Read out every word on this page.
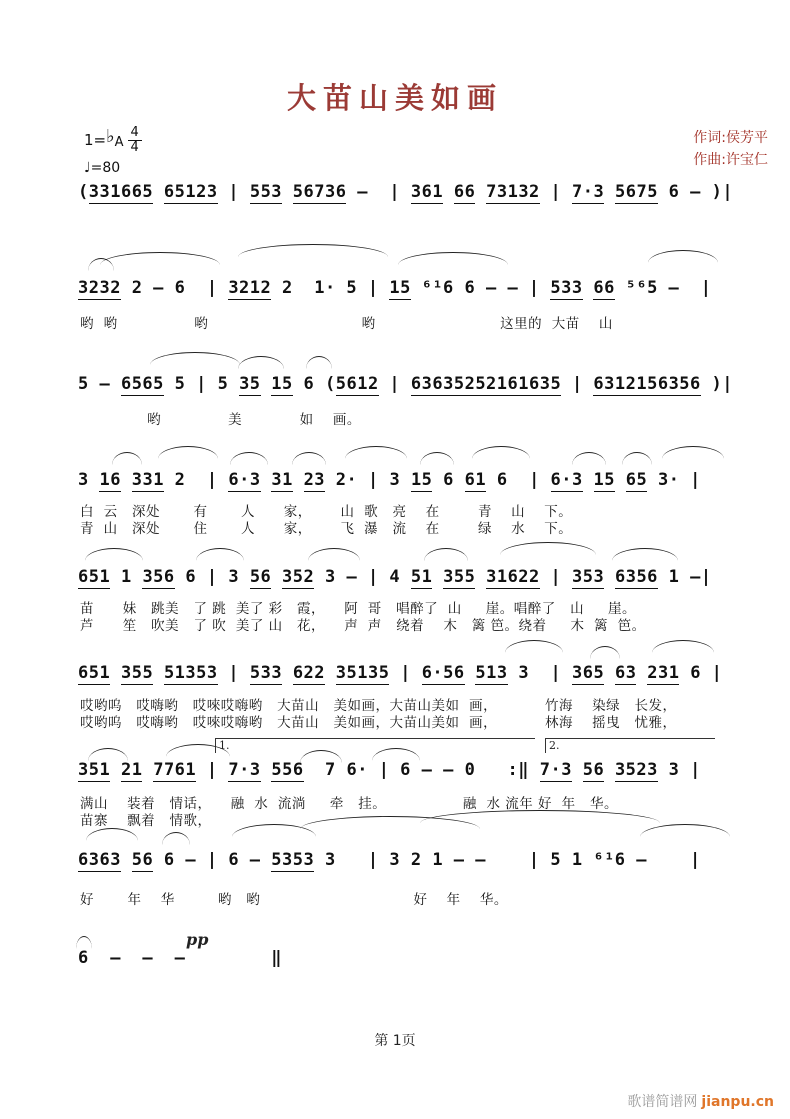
大苗山美如画
1= ♭ A $\frac{4}{4}$
♩=80
作词:侯芳平
作曲:许宝仁
(331665 65123 | 553 56736 –  | 361 66 73132 | 7·3 5675 6 – )|
3232 2 – 6  | 3212 2  1· 5 | 15 ⁶¹6 6 – – | 533 66 ⁵⁶5 –  |
哟  哟                哟                                哟                          这里的  大苗    山
5 – 6565 5 | 5 35 15 6 (5612 | 63635252161635 | 6312156356 )|
哟              美            如    画。
3 16 331 2  | 6·3 31 23 2· | 3 15 6 61 6  | 6·3 15 65 3· |
白  云   深处       有       人      家，      山  歌   亮    在        青    山    下。
青  山   深处       住       人      家，      飞  瀑   流    在        绿    水    下。
651 1 356 6 | 3 56 352 3 – | 4 51 355 31622 | 353 6356 1 –|
苗      妹   跳美   了 跳  美了 彩   霞，    阿  哥   唱醉了  山     崖。唱醉了   山     崖。
芦      笙   吹美   了 吹  美了 山   花，    声  声   绕着    木   篱 笆。绕着     木  篱  笆。
651 355 51353 | 533 622 35135 | 6·56 513 3  | 365 63 231 6 |
哎哟呜   哎嗨哟   哎唻哎嗨哟   大苗山   美如画，大苗山美如  画，          竹海    染绿   长发，
哎哟呜   哎嗨哟   哎唻哎嗨哟   大苗山   美如画，大苗山美如  画，          林海    摇曳   忧雅，
1.	2.
351 21 7761 | 7·3 556  7 6· | 6 – – 0   :‖ 7·3 56 3523 3 |
满山    装着   情话，    融  水  流淌     牵   挂。                融  水 流年 好  年   华。
苗寨    飘着   情歌，
6363 56 6 – | 6 – 5353 3   | 3 2 1 – –    | 5 1 ⁶¹6 –    |
好       年    华         哟   哟                                好    年    华。
pp
6  –  –  –        ‖
第 1页
歌谱简谱网 jianpu.cn
